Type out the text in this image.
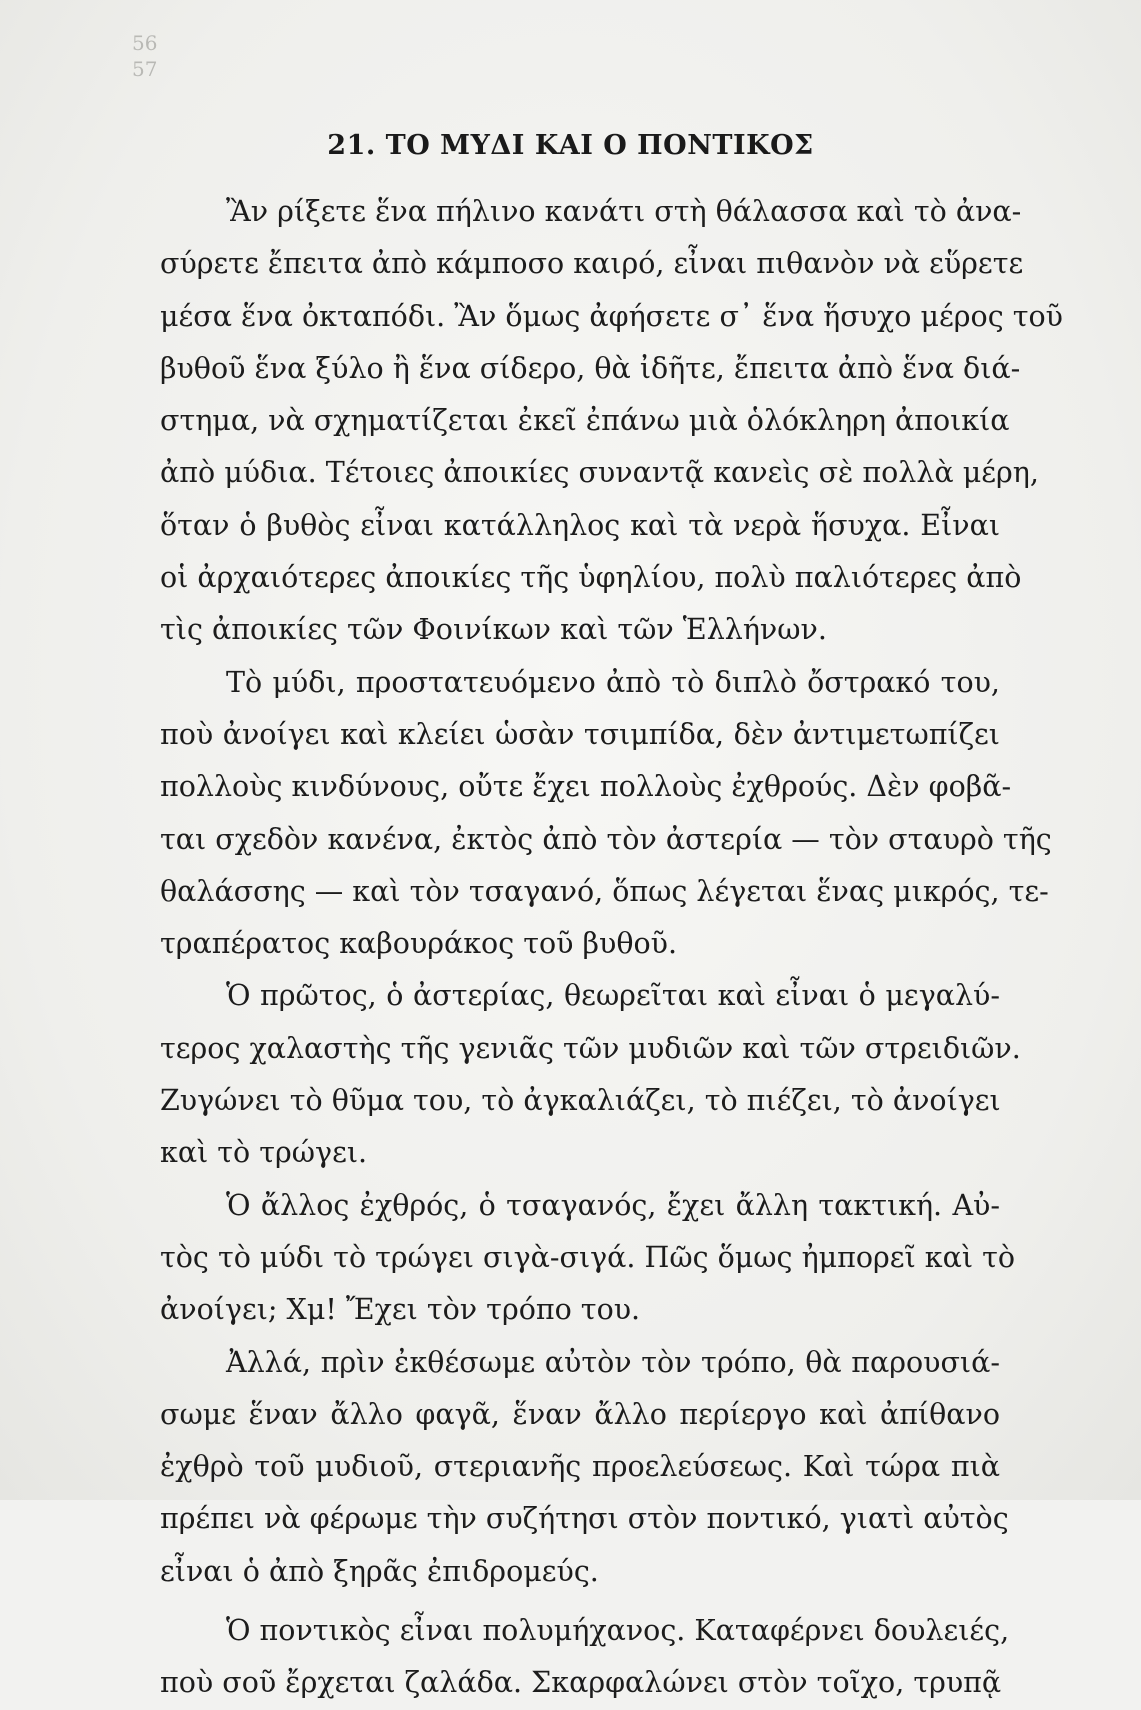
56
57
21. ΤΟ ΜΥΔΙ ΚΑΙ Ο ΠΟΝΤΙΚΟΣ
Ἂν ρίξετε ἕνα πήλινο κανάτι στὴ θάλασσα καὶ τὸ ἀνα-
σύρετε ἔπειτα ἀπὸ κάμποσο καιρό, εἶναι πιθανὸν νὰ εὕρετε
μέσα ἕνα ὀκταπόδι. Ἂν ὅμως ἀφήσετε σ᾽ ἕνα ἥσυχο μέρος τοῦ
βυθοῦ ἕνα ξύλο ἢ ἕνα σίδερο, θὰ ἰδῆτε, ἔπειτα ἀπὸ ἕνα διά-
στημα, νὰ σχηματίζεται ἐκεῖ ἐπάνω μιὰ ὁλόκληρη ἀποικία
ἀπὸ μύδια. Τέτοιες ἀποικίες συναντᾷ κανεὶς σὲ πολλὰ μέρη,
ὅταν ὁ βυθὸς εἶναι κατάλληλος καὶ τὰ νερὰ ἥσυχα. Εἶναι
οἱ ἀρχαιότερες ἀποικίες τῆς ὑφηλίου, πολὺ παλιότερες ἀπὸ
τὶς ἀποικίες τῶν Φοινίκων καὶ τῶν Ἑλλήνων.
Τὸ μύδι, προστατευόμενο ἀπὸ τὸ διπλὸ ὄστρακό του,
ποὺ ἀνοίγει καὶ κλείει ὡσὰν τσιμπίδα, δὲν ἀντιμετωπίζει
πολλοὺς κινδύνους, οὔτε ἔχει πολλοὺς ἐχθρούς. Δὲν φοβᾶ-
ται σχεδὸν κανένα, ἐκτὸς ἀπὸ τὸν ἀστερία — τὸν σταυρὸ τῆς
θαλάσσης — καὶ τὸν τσαγανό, ὅπως λέγεται ἕνας μικρός, τε-
τραπέρατος καβουράκος τοῦ βυθοῦ.
Ὁ πρῶτος, ὁ ἀστερίας, θεωρεῖται καὶ εἶναι ὁ μεγαλύ-
τερος χαλαστὴς τῆς γενιᾶς τῶν μυδιῶν καὶ τῶν στρειδιῶν.
Ζυγώνει τὸ θῦμα του, τὸ ἀγκαλιάζει, τὸ πιέζει, τὸ ἀνοίγει
καὶ τὸ τρώγει.
Ὁ ἄλλος ἐχθρός, ὁ τσαγανός, ἔχει ἄλλη τακτική. Αὐ-
τὸς τὸ μύδι τὸ τρώγει σιγὰ-σιγά. Πῶς ὅμως ἠμπορεῖ καὶ τὸ
ἀνοίγει; Χμ! Ἔχει τὸν τρόπο του.
Ἀλλά, πρὶν ἐκθέσωμε αὐτὸν τὸν τρόπο, θὰ παρουσιά-
σωμε ἕναν ἄλλο φαγᾶ, ἕναν ἄλλο περίεργο καὶ ἀπίθανο
ἐχθρὸ τοῦ μυδιοῦ, στεριανῆς προελεύσεως. Καὶ τώρα πιὰ
πρέπει νὰ φέρωμε τὴν συζήτησι στὸν ποντικό, γιατὶ αὐτὸς
εἶναι ὁ ἀπὸ ξηρᾶς ἐπιδρομεύς.
Ὁ ποντικὸς εἶναι πολυμήχανος. Καταφέρνει δουλειές,
ποὺ σοῦ ἔρχεται ζαλάδα. Σκαρφαλώνει στὸν τοῖχο, τρυπᾷ
